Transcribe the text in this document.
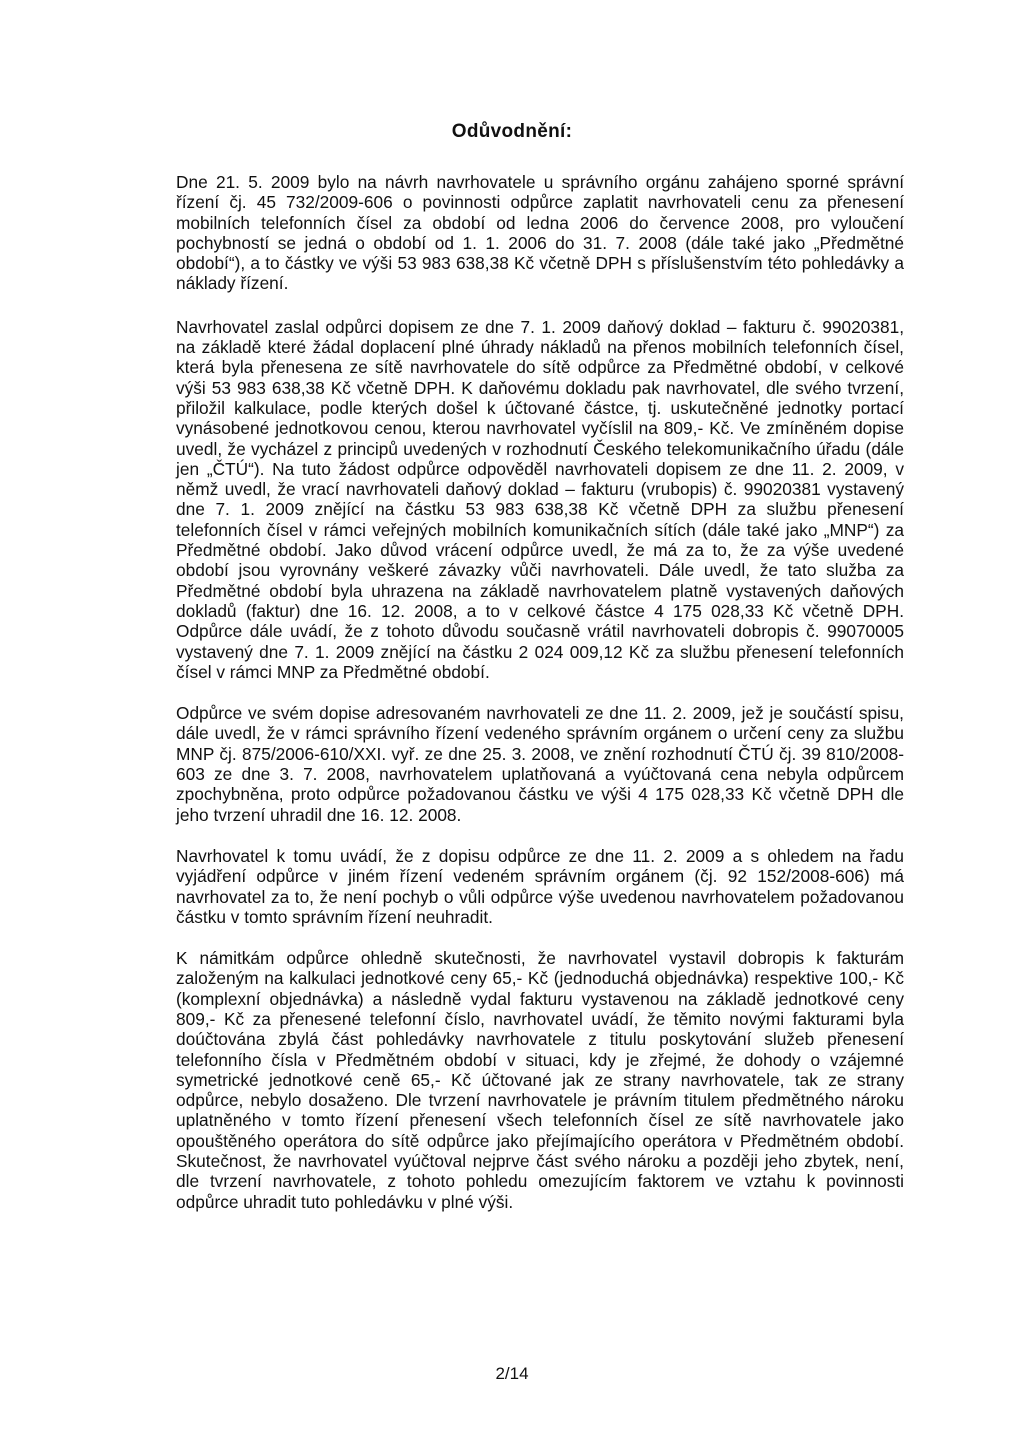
Odůvodnění:

Dne 21. 5. 2009 bylo na návrh navrhovatele u správního orgánu zahájeno sporné správní řízení čj. 45 732/2009-606 o povinnosti odpůrce zaplatit navrhovateli cenu za přenesení mobilních telefonních čísel za období od ledna 2006 do července 2008, pro vyloučení pochybností se jedná o období od 1. 1. 2006 do 31. 7. 2008 (dále také jako „Předmětné období“), a to částky ve výši 53 983 638,38 Kč včetně DPH s příslušenstvím této pohledávky a náklady řízení.

Navrhovatel zaslal odpůrci dopisem ze dne 7. 1. 2009 daňový doklad – fakturu č. 99020381, na základě které žádal doplacení plné úhrady nákladů na přenos mobilních telefonních čísel, která byla přenesena ze sítě navrhovatele do sítě odpůrce za Předmětné období, v celkové výši 53 983 638,38 Kč včetně DPH. K daňovému dokladu pak navrhovatel, dle svého tvrzení, přiložil kalkulace, podle kterých došel k účtované částce, tj. uskutečněné jednotky portací vynásobené jednotkovou cenou, kterou navrhovatel vyčíslil na 809,- Kč. Ve zmíněném dopise uvedl, že vycházel z principů uvedených v rozhodnutí Českého telekomunikačního úřadu (dále jen „ČTÚ“). Na tuto žádost odpůrce odpověděl navrhovateli dopisem ze dne 11. 2. 2009, v němž uvedl, že vrací navrhovateli daňový doklad – fakturu (vrubopis) č. 99020381 vystavený dne 7. 1. 2009 znějící na částku 53 983 638,38 Kč včetně DPH za službu přenesení telefonních čísel v rámci veřejných mobilních komunikačních sítích (dále také jako „MNP“) za Předmětné období. Jako důvod vrácení odpůrce uvedl, že má za to, že za výše uvedené období jsou vyrovnány veškeré závazky vůči navrhovateli. Dále uvedl, že tato služba za Předmětné období byla uhrazena na základě navrhovatelem platně vystavených daňových dokladů (faktur) dne 16. 12. 2008, a to v celkové částce 4 175 028,33 Kč včetně DPH. Odpůrce dále uvádí, že z tohoto důvodu současně vrátil navrhovateli dobropis č. 99070005 vystavený dne 7. 1. 2009 znějící na částku 2 024 009,12 Kč za službu přenesení telefonních čísel v rámci MNP za Předmětné období.

Odpůrce ve svém dopise adresovaném navrhovateli ze dne 11. 2. 2009, jež je součástí spisu, dále uvedl, že v rámci správního řízení vedeného správním orgánem o určení ceny za službu MNP čj. 875/2006-610/XXI. vyř. ze dne 25. 3. 2008, ve znění rozhodnutí ČTÚ čj. 39 810/2008-603 ze dne 3. 7. 2008, navrhovatelem uplatňovaná a vyúčtovaná cena nebyla odpůrcem zpochybněna, proto odpůrce požadovanou částku ve výši 4 175 028,33 Kč včetně DPH dle jeho tvrzení uhradil dne 16. 12. 2008.

Navrhovatel k tomu uvádí, že z dopisu odpůrce ze dne 11. 2. 2009 a s ohledem na řadu vyjádření odpůrce v jiném řízení vedeném správním orgánem (čj. 92 152/2008-606) má navrhovatel za to, že není pochyb o vůli odpůrce výše uvedenou navrhovatelem požadovanou částku v tomto správním řízení neuhradit.

K námitkám odpůrce ohledně skutečnosti, že navrhovatel vystavil dobropis k fakturám založeným na kalkulaci jednotkové ceny 65,- Kč (jednoduchá objednávka) respektive 100,- Kč (komplexní objednávka) a následně vydal fakturu vystavenou na základě jednotkové ceny 809,- Kč za přenesené telefonní číslo, navrhovatel uvádí, že těmito novými fakturami byla doúčtována zbylá část pohledávky navrhovatele z titulu poskytování služeb přenesení telefonního čísla v Předmětném období v situaci, kdy je zřejmé, že dohody o vzájemné symetrické jednotkové ceně 65,- Kč účtované jak ze strany navrhovatele, tak ze strany odpůrce, nebylo dosaženo. Dle tvrzení navrhovatele je právním titulem předmětného nároku uplatněného v tomto řízení přenesení všech telefonních čísel ze sítě navrhovatele jako opouštěného operátora do sítě odpůrce jako přejímajícího operátora v Předmětném období. Skutečnost, že navrhovatel vyúčtoval nejprve část svého nároku a později jeho zbytek, není, dle tvrzení navrhovatele, z tohoto pohledu omezujícím faktorem ve vztahu k povinnosti odpůrce uhradit tuto pohledávku v plné výši.

2/14
